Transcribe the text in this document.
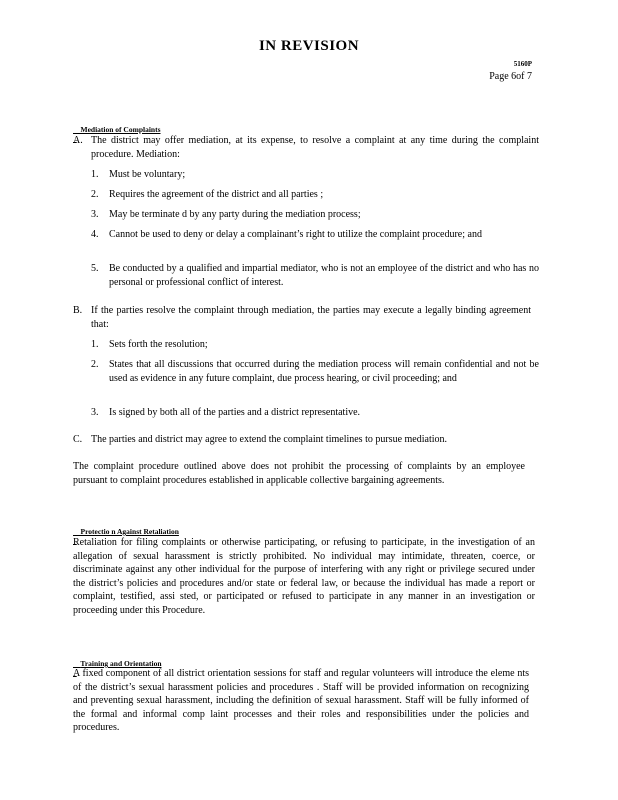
IN REVISION
5160P
Page 6of 7

Mediation of Complaints

A. The district may offer mediation, at its expense, to resolve a complaint at any time during the complaint procedure. Mediation:
1. Must be voluntary;
2. Requires the agreement of the district and all parties ;
3. May be terminate d by any party during the mediation process;
4. Cannot be used to deny or delay a complainant’s right to utilize the complaint procedure; and
5. Be conducted by a qualified and impartial mediator, who is not an employee of the district and who has no personal or professional conflict of interest.
B. If the parties resolve the complaint through mediation, the parties may execute a legally binding agreement that:
1. Sets forth the resolution;
2. States that all discussions that occurred during the mediation process will remain confidential and not be used as evidence in any future complaint, due process hearing, or civil proceeding; and
3. Is signed by both all of the parties and a district representative.
C. The parties and district may agree to extend the complaint timelines to pursue mediation.
The complaint procedure outlined above does not prohibit the processing of complaints by an employee pursuant to complaint procedures established in applicable collective bargaining agreements.

Protectio n Against Retaliation

Retaliation for filing complaints or otherwise participating, or refusing to participate, in the investigation of an allegation of sexual harassment is strictly prohibited. No individual may intimidate, threaten, coerce, or discriminate against any other individual for the purpose of interfering with any right or privilege secured under the district’s policies and procedures and/or state or federal law, or because the individual has made a report or complaint, testified, assi sted, or participated or refused to participate in any manner in an investigation or proceeding under this Procedure.

Training and Orientation

A fixed component of all district orientation sessions for staff and regular volunteers will introduce the eleme nts of the district’s sexual harassment policies and procedures . Staff will be provided information on recognizing and preventing sexual harassment, including the definition of sexual harassment. Staff will be fully informed of the formal and informal comp laint processes and their roles and responsibilities under the policies and procedures.
